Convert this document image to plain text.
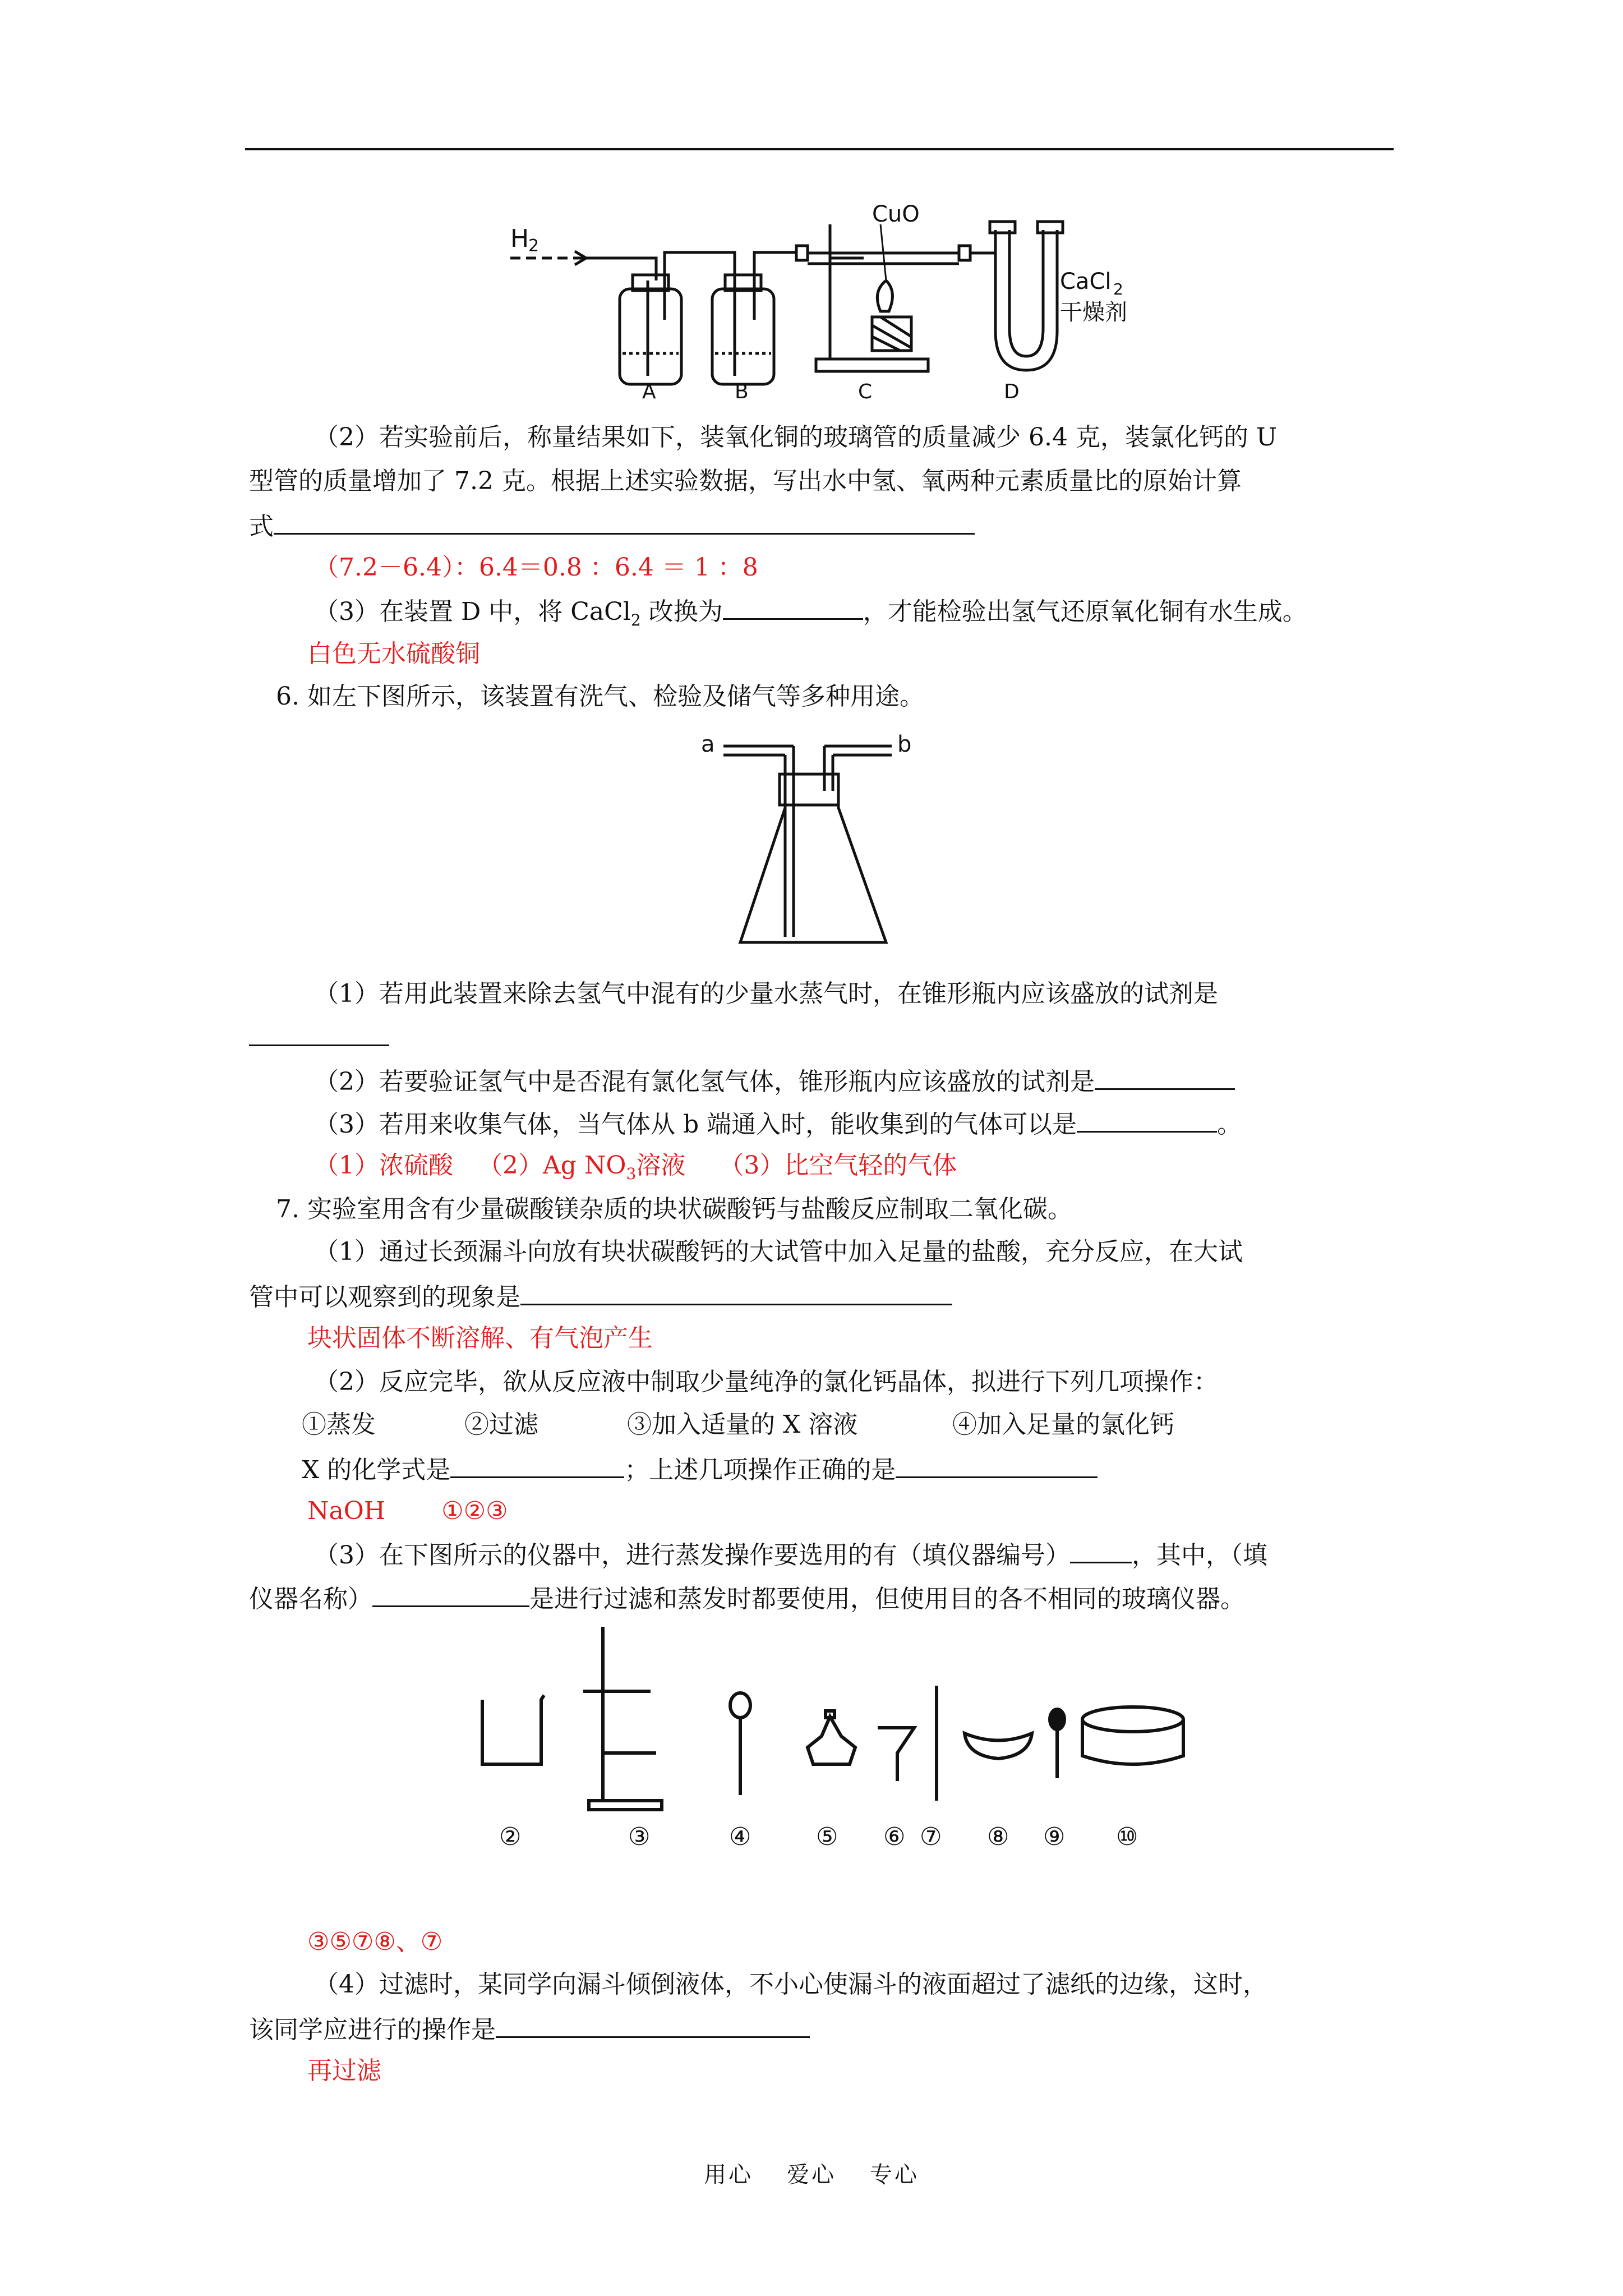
H
2
CuO
CaCl 2
干燥剂
A	B	C	D
（2）若实验前后，称量结果如下，装氧化铜的玻璃管的质量减少 6.4 克，装氯化钙的 U
型管的质量增加了 7.2 克。根据上述实验数据，写出水中氢、氧两种元素质量比的原始计算
式
（7.2－6.4）：6.4＝0.8 ：6.4 ＝ 1 ：8
（3）在装置 D 中，将 CaCl$_2$ 改换为	，才能检验出氢气还原氧化铜有水生成。
白色无水硫酸铜
6. 如左下图所示，该装置有洗气、检验及储气等多种用途。
a	b
（1）若用此装置来除去氢气中混有的少量水蒸气时，在锥形瓶内应该盛放的试剂是
（2）若要验证氢气中是否混有氯化氢气体，锥形瓶内应该盛放的试剂是
（3）若用来收集气体，当气体从 b 端通入时，能收集到的气体可以是	。
（1）浓硫酸 （2）Ag $NO_3$溶液 （3）比空气轻的气体
7. 实验室用含有少量碳酸镁杂质的块状碳酸钙与盐酸反应制取二氧化碳。
（1）通过长颈漏斗向放有块状碳酸钙的大试管中加入足量的盐酸，充分反应，在大试
管中可以观察到的现象是
块状固体不断溶解、有气泡产生
（2）反应完毕，欲从反应液中制取少量纯净的氯化钙晶体，拟进行下列几项操作：
①蒸发	②过滤	③加入适量的 X 溶液	④加入足量的氯化钙
X 的化学式是	；上述几项操作正确的是
NaOH ①②③
（3）在下图所示的仪器中，进行蒸发操作要选用的有（填仪器编号）	，其中，（填
仪器名称）	是进行过滤和蒸发时都要使用，但使用目的各不相同的玻璃仪器。
②	③	④	⑤ ⑥ ⑦ ⑧ ⑨ ⑩
③⑤⑦⑧、⑦
（4）过滤时，某同学向漏斗倾倒液体，不小心使漏斗的液面超过了滤纸的边缘，这时，
该同学应进行的操作是
再过滤
用心 爱心 专心
